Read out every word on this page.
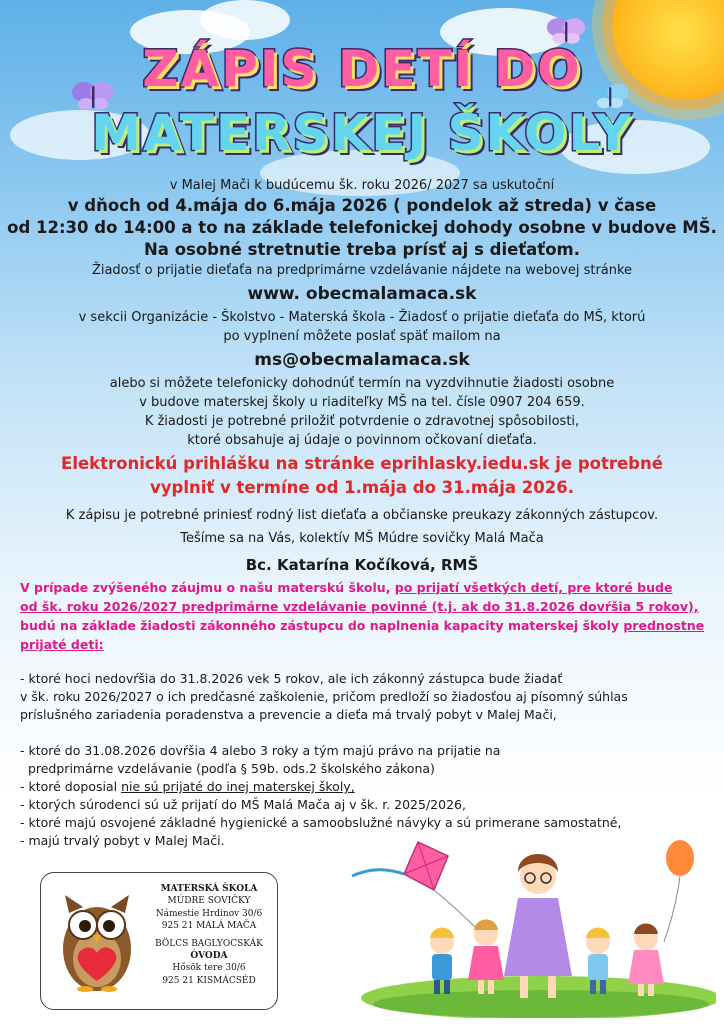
ZÁPIS DETÍ DO
MATERSKEJ ŠKOLY

v Malej Mači k budúcemu šk. roku 2026/ 2027 sa uskutoční

v dňoch od 4.mája do 6.mája 2026 ( pondelok až streda) v čase

od 12:30 do 14:00 a to na základe telefonickej dohody osobne v budove MŠ.

Na osobné stretnutie treba prísť aj s dieťaťom.

Žiadosť o prijatie dieťaťa na predprimárne vzdelávanie nájdete na webovej stránke

www. obecmalamaca.sk

v sekcii Organizácie - Školstvo - Materská škola - Žiadosť o prijatie dieťaťa do MŠ, ktorú

po vyplnení môžete poslať späť mailom na

ms@obecmalamaca.sk

alebo si môžete telefonicky dohodnúť termín na vyzdvihnutie žiadosti osobne

v budove materskej školy u riaditeľky MŠ na tel. čísle 0907 204 659.

K žiadosti je potrebné priložiť potvrdenie o zdravotnej spôsobilosti,

ktoré obsahuje aj údaje o povinnom očkovaní dieťaťa.

Elektronickú prihlášku na stránke eprihlasky.iedu.sk je potrebné

vyplniť v termíne od 1.mája do 31.mája 2026.

K zápisu je potrebné priniesť rodný list dieťaťa a občianske preukazy zákonných zástupcov.

Tešíme sa na Vás, kolektív MŠ Múdre sovičky Malá Mača

Bc. Katarína Kočíková, RMŠ

V prípade zvýšeného záujmu o našu materskú školu, po prijatí všetkých detí, pre ktoré bude
od šk. roku 2026/2027 predprimárne vzdelávanie povinné (t.j. ak do 31.8.2026 dovŕšia 5 rokov),
budú na základe žiadosti zákonného zástupcu do naplnenia kapacity materskej školy prednostne
prijaté deti:
- ktoré hoci nedovŕšia do 31.8.2026 vek 5 rokov, ale ich zákonný zástupca bude žiadať
v šk. roku 2026/2027 o ich predčasné zaškolenie, pričom predloží so žiadosťou aj písomný súhlas
príslušného zariadenia poradenstva a prevencie a dieťa má trvalý pobyt v Malej Mači,
- ktoré do 31.08.2026 dovŕšia 4 alebo 3 roky a tým majú právo na prijatie na
predprimárne vzdelávanie (podľa § 59b. ods.2 školského zákona)
- ktoré doposial nie sú prijaté do inej materskej školy,
- ktorých súrodenci sú už prijatí do MŠ Malá Mača aj v šk. r. 2025/2026,
- ktoré majú osvojené základné hygienické a samoobslužné návyky a sú primerane samostatné,
- majú trvalý pobyt v Malej Mači.
MATERSKÁ ŠKOLA
MÚDRE SOVIČKY
Námestie Hrdinov 30/6
925 21 MALÁ MAČA
BÖLCS BAGLYOCSKÁK
ÓVODA
Hősök tere 30/6
925 21 KISMÁCSÉD
